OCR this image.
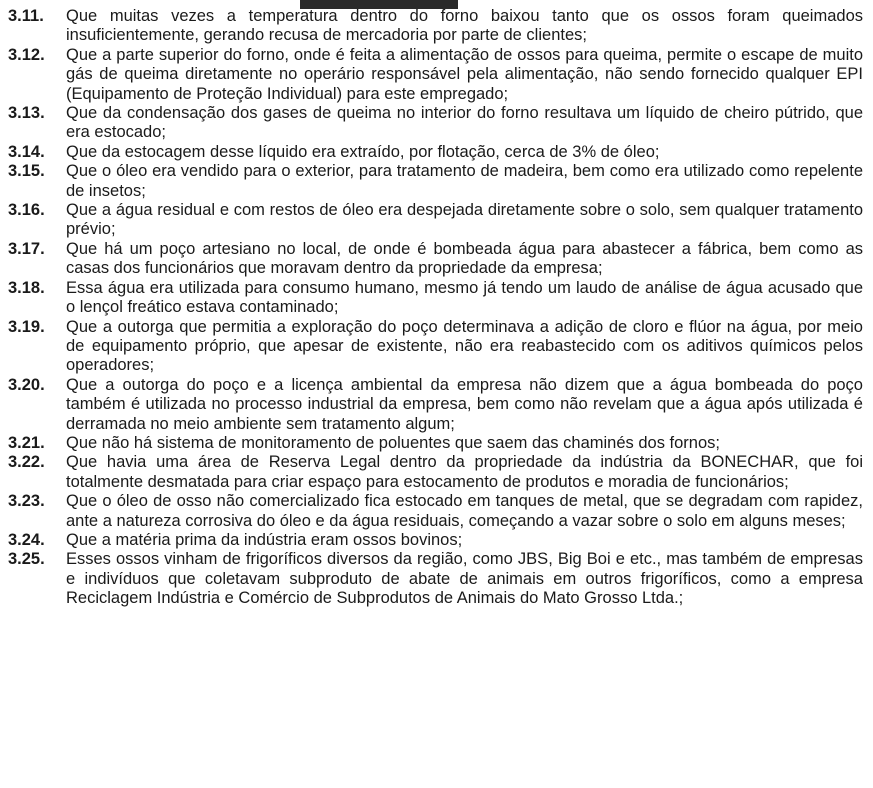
3.11.	Que muitas vezes a temperatura dentro do forno baixou tanto que os ossos foram queimados insuficientemente, gerando recusa de mercadoria por parte de clientes;
3.12.	Que a parte superior do forno, onde é feita a alimentação de ossos para queima, permite o escape de muito gás de queima diretamente no operário responsável pela alimentação, não sendo fornecido qualquer EPI (Equipamento de Proteção Individual) para este empregado;
3.13.	Que da condensação dos gases de queima no interior do forno resultava um líquido de cheiro pútrido, que era estocado;
3.14.	Que da estocagem desse líquido era extraído, por flotação, cerca de 3% de óleo;
3.15.	Que o óleo era vendido para o exterior, para tratamento de madeira, bem como era utilizado como repelente de insetos;
3.16.	Que a água residual e com restos de óleo era despejada diretamente sobre o solo, sem qualquer tratamento prévio;
3.17.	Que há um poço artesiano no local, de onde é bombeada água para abastecer a fábrica, bem como as casas dos funcionários que moravam dentro da propriedade da empresa;
3.18.	Essa água era utilizada para consumo humano, mesmo já tendo um laudo de análise de água acusado que o lençol freático estava contaminado;
3.19.	Que a outorga que permitia a exploração do poço determinava a adição de cloro e flúor na água, por meio de equipamento próprio, que apesar de existente, não era reabastecido com os aditivos químicos pelos operadores;
3.20.	Que a outorga do poço e a licença ambiental da empresa não dizem que a água bombeada do poço também é utilizada no processo industrial da empresa, bem como não revelam que a água após utilizada é derramada no meio ambiente sem tratamento algum;
3.21.	Que não há sistema de monitoramento de poluentes que saem das chaminés dos fornos;
3.22.	Que havia uma área de Reserva Legal dentro da propriedade da indústria da BONECHAR, que foi totalmente desmatada para criar espaço para estocamento de produtos e moradia de funcionários;
3.23.	Que o óleo de osso não comercializado fica estocado em tanques de metal, que se degradam com rapidez, ante a natureza corrosiva do óleo e da água residuais, começando a vazar sobre o solo em alguns meses;
3.24.	Que a matéria prima da indústria eram ossos bovinos;
3.25.	Esses ossos vinham de frigoríficos diversos da região, como JBS, Big Boi e etc., mas também de empresas e indivíduos que coletavam subproduto de abate de animais em outros frigoríficos, como a empresa Reciclagem Indústria e Comércio de Subprodutos de Animais do Mato Grosso Ltda.;
